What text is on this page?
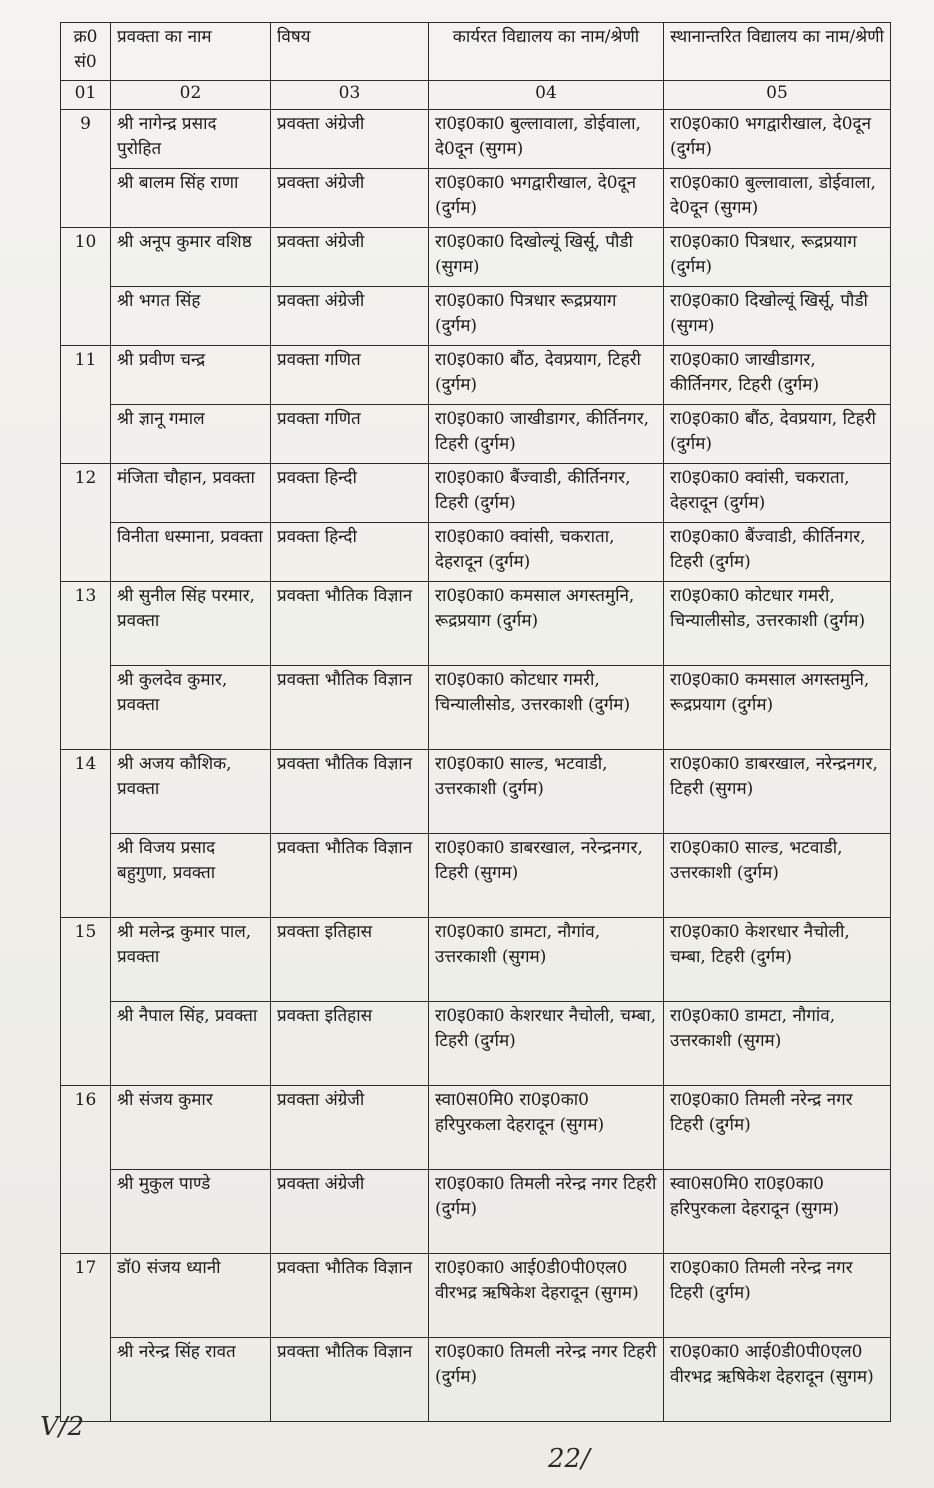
क्र0 सं0	प्रवक्ता का नाम	विषय	कार्यरत विद्यालय का नाम/श्रेणी	स्थानान्तरित विद्यालय का नाम/श्रेणी
01	02	03	04	05
9	श्री नागेन्द्र प्रसाद पुरोहित	प्रवक्ता अंग्रेजी	रा0इ0का0 बुल्लावाला, डोईवाला, दे0दून (सुगम)	रा0इ0का0 भगद्वारीखाल, दे0दून (दुर्गम)
	श्री बालम सिंह राणा	प्रवक्ता अंग्रेजी	रा0इ0का0 भगद्वारीखाल, दे0दून (दुर्गम)	रा0इ0का0 बुल्लावाला, डोईवाला, दे0दून (सुगम)
10	श्री अनूप कुमार वशिष्ठ	प्रवक्ता अंग्रेजी	रा0इ0का0 दिखोल्यूं खिर्सू, पौडी (सुगम)	रा0इ0का0 पित्रधार, रूद्रप्रयाग (दुर्गम)
	श्री भगत सिंह	प्रवक्ता अंग्रेजी	रा0इ0का0 पित्रधार रूद्रप्रयाग (दुर्गम)	रा0इ0का0 दिखोल्यूं खिर्सू, पौडी (सुगम)
11	श्री प्रवीण चन्द्र	प्रवक्ता गणित	रा0इ0का0 बौंठ, देवप्रयाग, टिहरी (दुर्गम)	रा0इ0का0 जाखीडागर, कीर्तिनगर, टिहरी (दुर्गम)
	श्री ज्ञानू गमाल	प्रवक्ता गणित	रा0इ0का0 जाखीडागर, कीर्तिनगर, टिहरी (दुर्गम)	रा0इ0का0 बौंठ, देवप्रयाग, टिहरी (दुर्गम)
12	मंजिता चौहान, प्रवक्ता	प्रवक्ता हिन्दी	रा0इ0का0 बैंज्वाडी, कीर्तिनगर, टिहरी (दुर्गम)	रा0इ0का0 क्वांसी, चकराता, देहरादून (दुर्गम)
	विनीता धस्माना, प्रवक्ता	प्रवक्ता हिन्दी	रा0इ0का0 क्वांसी, चकराता, देहरादून (दुर्गम)	रा0इ0का0 बैंज्वाडी, कीर्तिनगर, टिहरी (दुर्गम)
13	श्री सुनील सिंह परमार, प्रवक्ता	प्रवक्ता भौतिक विज्ञान	रा0इ0का0 कमसाल अगस्तमुनि, रूद्रप्रयाग (दुर्गम)	रा0इ0का0 कोटधार गमरी, चिन्यालीसोड, उत्तरकाशी (दुर्गम)
	श्री कुलदेव कुमार, प्रवक्ता	प्रवक्ता भौतिक विज्ञान	रा0इ0का0 कोटधार गमरी, चिन्यालीसोड, उत्तरकाशी (दुर्गम)	रा0इ0का0 कमसाल अगस्तमुनि, रूद्रप्रयाग (दुर्गम)
14	श्री अजय कौशिक, प्रवक्ता	प्रवक्ता भौतिक विज्ञान	रा0इ0का0 साल्ड, भटवाडी, उत्तरकाशी (दुर्गम)	रा0इ0का0 डाबरखाल, नरेन्द्रनगर, टिहरी (सुगम)
	श्री विजय प्रसाद बहुगुणा, प्रवक्ता	प्रवक्ता भौतिक विज्ञान	रा0इ0का0 डाबरखाल, नरेन्द्रनगर, टिहरी (सुगम)	रा0इ0का0 साल्ड, भटवाडी, उत्तरकाशी (दुर्गम)
15	श्री मलेन्द्र कुमार पाल, प्रवक्ता	प्रवक्ता इतिहास	रा0इ0का0 डामटा, नौगांव, उत्तरकाशी (सुगम)	रा0इ0का0 केशरधार नैचोली, चम्बा, टिहरी (दुर्गम)
	श्री नैपाल सिंह, प्रवक्ता	प्रवक्ता इतिहास	रा0इ0का0 केशरधार नैचोली, चम्बा, टिहरी (दुर्गम)	रा0इ0का0 डामटा, नौगांव, उत्तरकाशी (सुगम)
16	श्री संजय कुमार	प्रवक्ता अंग्रेजी	स्वा0स0मि0 रा0इ0का0 हरिपुरकला देहरादून (सुगम)	रा0इ0का0 तिमली नरेन्द्र नगर टिहरी (दुर्गम)
	श्री मुकुल पाण्डे	प्रवक्ता अंग्रेजी	रा0इ0का0 तिमली नरेन्द्र नगर टिहरी (दुर्गम)	स्वा0स0मि0 रा0इ0का0 हरिपुरकला देहरादून (सुगम)
17	डॉ0 संजय ध्यानी	प्रवक्ता भौतिक विज्ञान	रा0इ0का0 आई0डी0पी0एल0 वीरभद्र ऋषिकेश देहरादून (सुगम)	रा0इ0का0 तिमली नरेन्द्र नगर टिहरी (दुर्गम)
	श्री नरेन्द्र सिंह रावत	प्रवक्ता भौतिक विज्ञान	रा0इ0का0 तिमली नरेन्द्र नगर टिहरी (दुर्गम)	रा0इ0का0 आई0डी0पी0एल0 वीरभद्र ऋषिकेश देहरादून (सुगम)
V/2
22/
